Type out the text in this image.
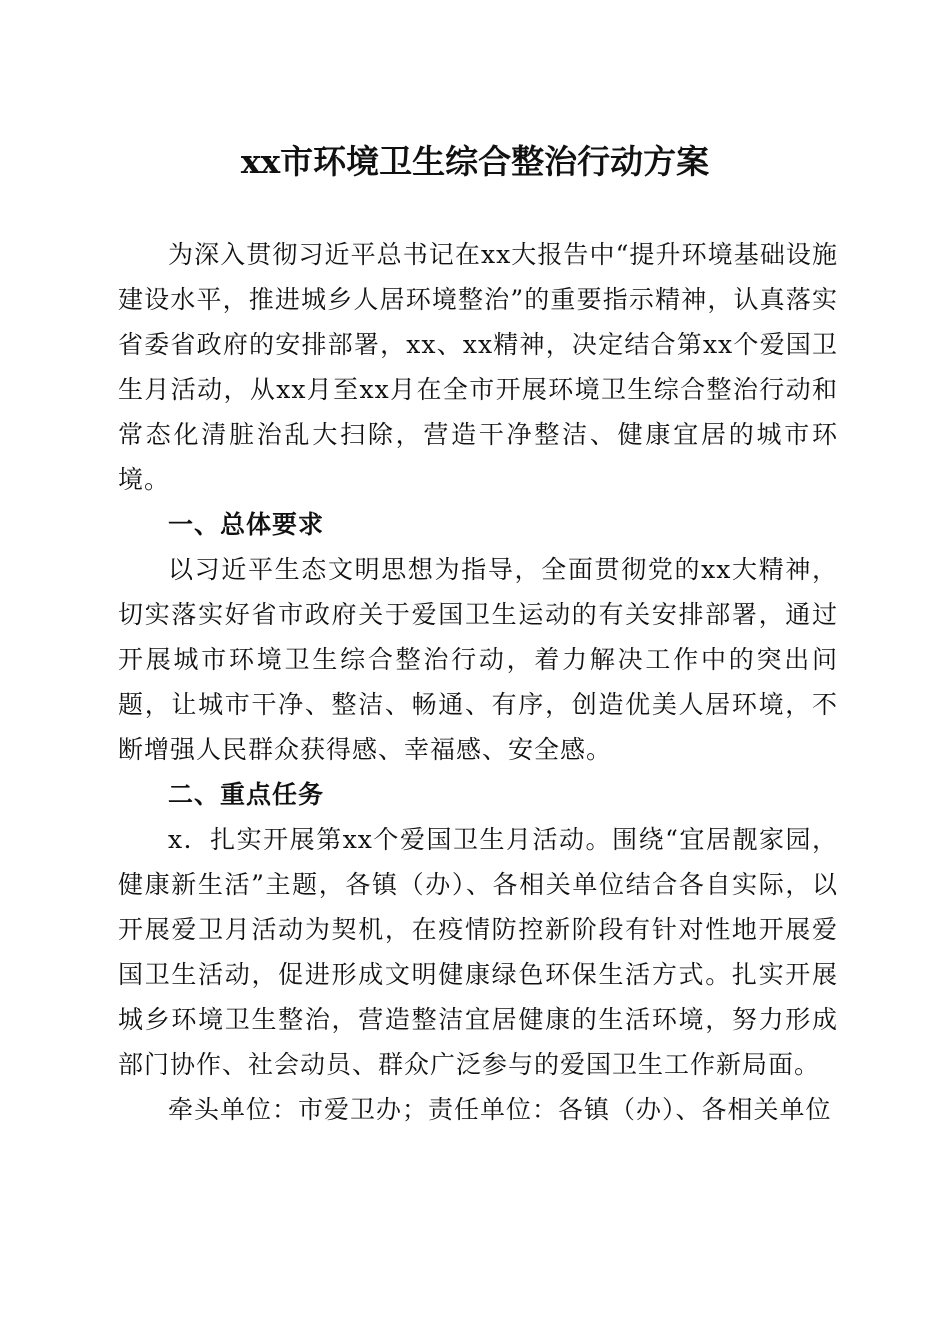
xx市环境卫生综合整治行动方案

为深入贯彻习近平总书记在xx大报告中“提升环境基础设施建设水平，推进城乡人居环境整治”的重要指示精神，认真落实省委省政府的安排部署，xx、xx精神，决定结合第xx个爱国卫生月活动，从xx月至xx月在全市开展环境卫生综合整治行动和常态化清脏治乱大扫除，营造干净整洁、健康宜居的城市环境。

一、总体要求

以习近平生态文明思想为指导，全面贯彻党的xx大精神，切实落实好省市政府关于爱国卫生运动的有关安排部署，通过开展城市环境卫生综合整治行动，着力解决工作中的突出问题，让城市干净、整洁、畅通、有序，创造优美人居环境，不断增强人民群众获得感、幸福感、安全感。

二、重点任务

x．扎实开展第xx个爱国卫生月活动。围绕“宜居靓家园，健康新生活”主题，各镇（办）、各相关单位结合各自实际，以开展爱卫月活动为契机，在疫情防控新阶段有针对性地开展爱国卫生活动，促进形成文明健康绿色环保生活方式。扎实开展城乡环境卫生整治，营造整洁宜居健康的生活环境，努力形成部门协作、社会动员、群众广泛参与的爱国卫生工作新局面。

牵头单位：市爱卫办；责任单位：各镇（办）、各相关单位
